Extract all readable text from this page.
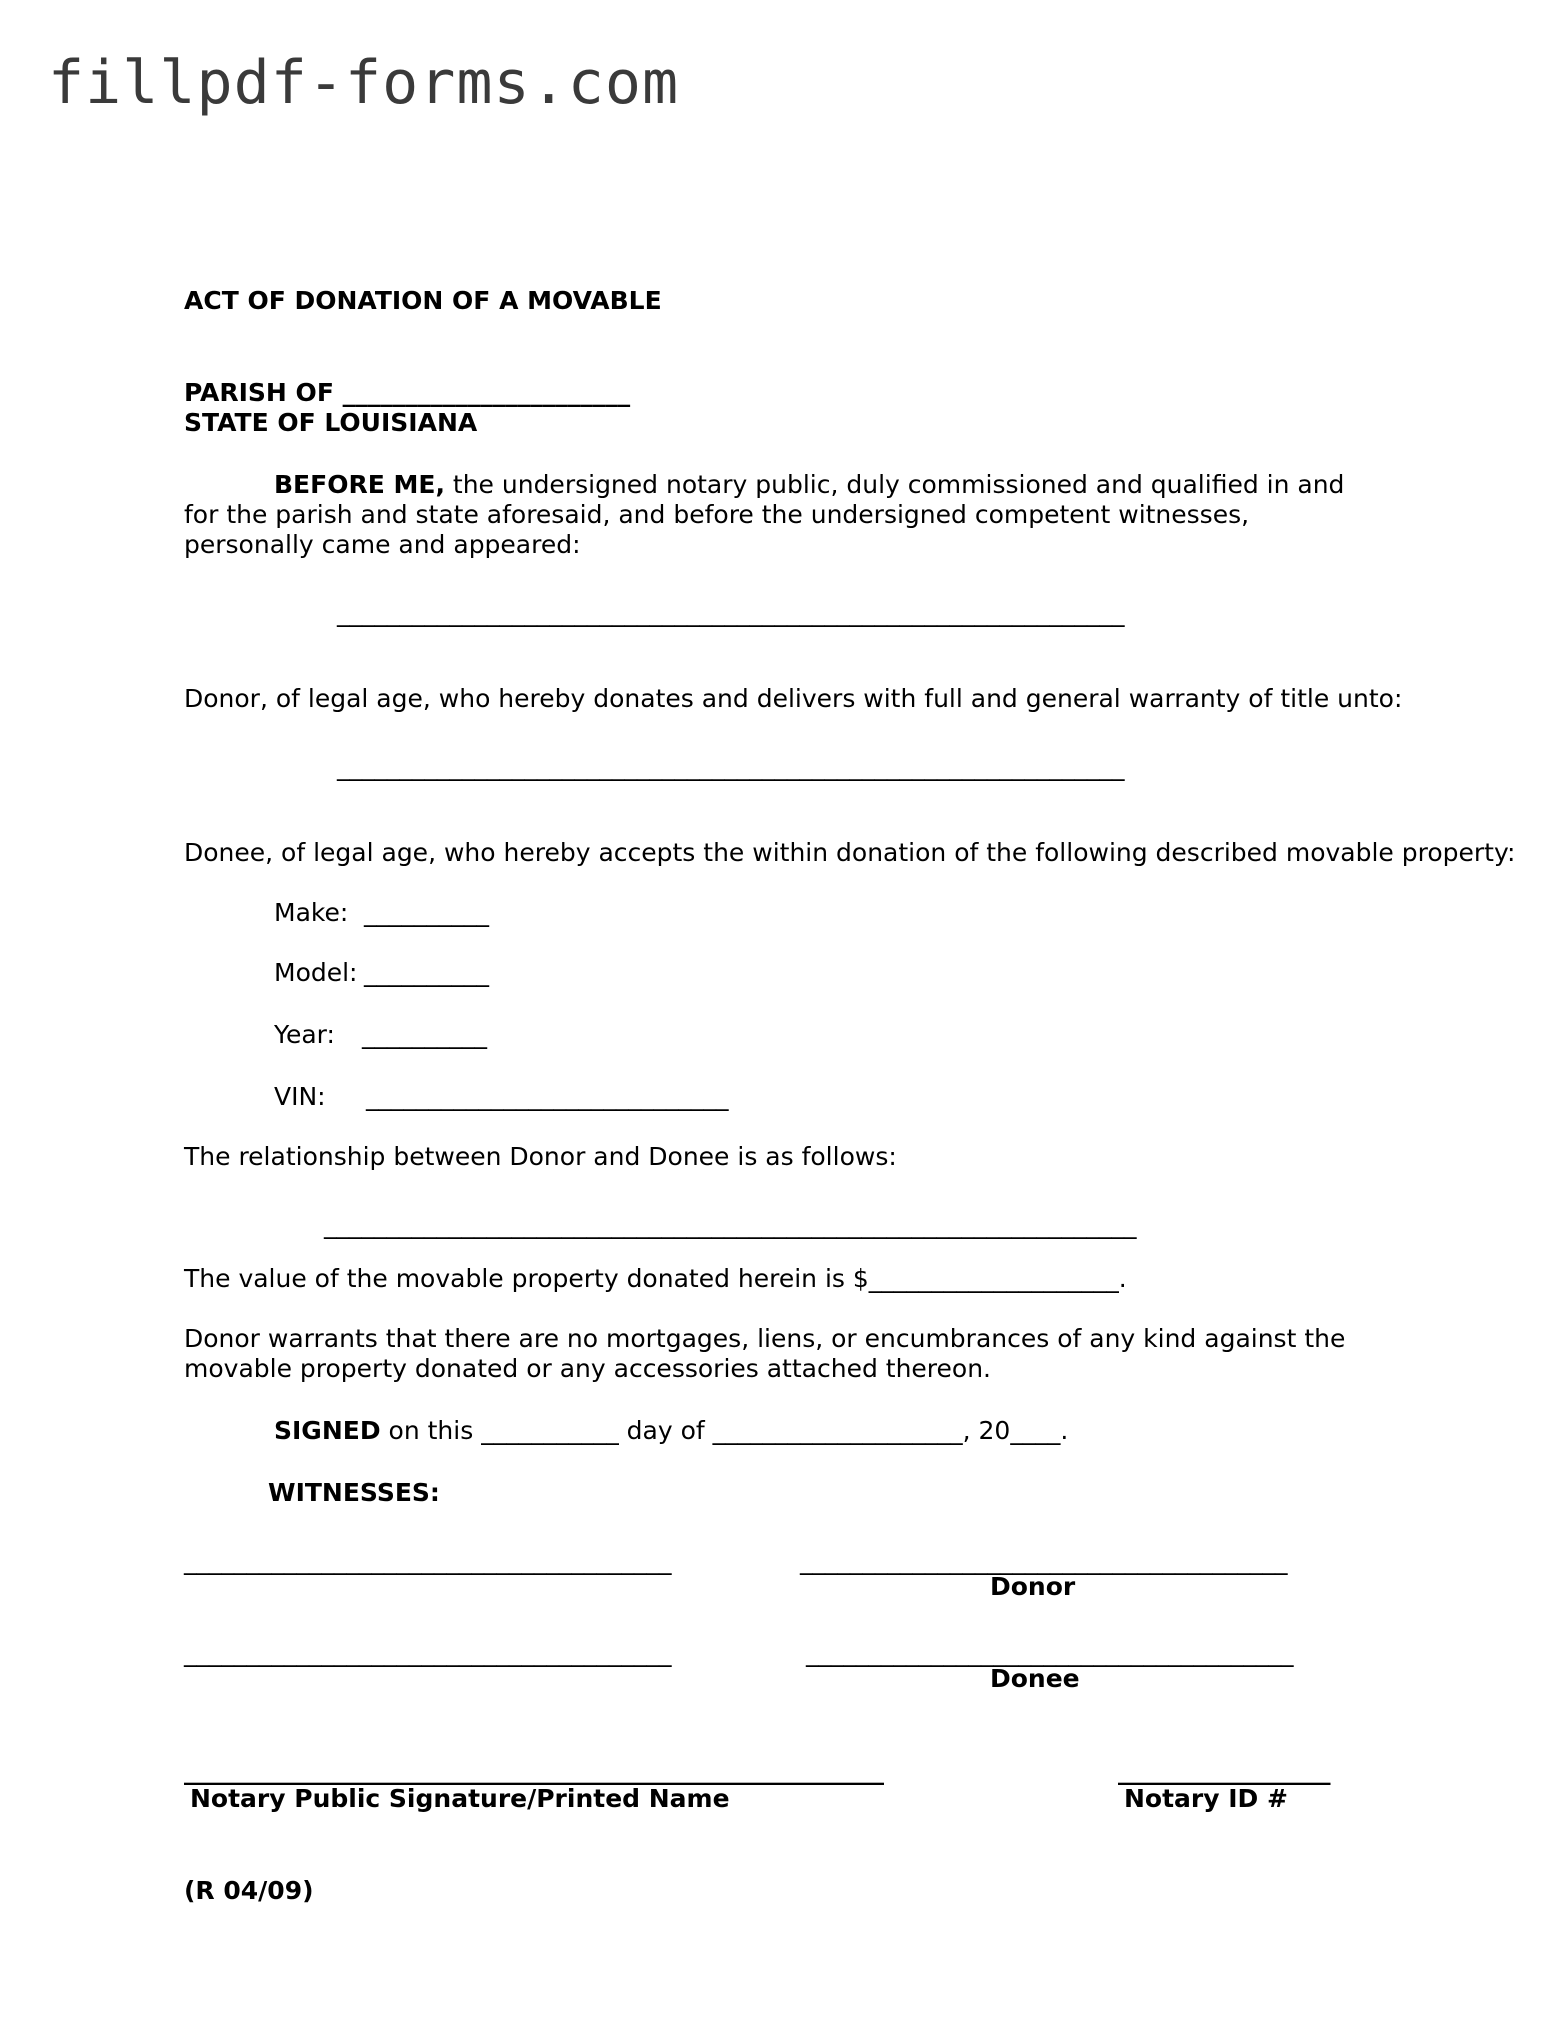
fillpdf-forms.com
ACT OF DONATION OF A MOVABLE
PARISH OF _______________________
STATE OF LOUISIANA
BEFORE ME, the undersigned notary public, duly commissioned and qualified in and for the parish and state aforesaid, and before the undersigned competent witnesses, personally came and appeared:
_______________________________________________________________
Donor, of legal age, who hereby donates and delivers with full and general warranty of title unto:
_______________________________________________________________
Donee, of legal age, who hereby accepts the within donation of the following described movable property:
Make: __________
Model: __________
Year: __________
VIN: _____________________________
The relationship between Donor and Donee is as follows:
_________________________________________________________________
The value of the movable property donated herein is $____________________.
Donor warrants that there are no mortgages, liens, or encumbrances of any kind against the movable property donated or any accessories attached thereon.
SIGNED on this ___________ day of ____________________, 20____.
WITNESSES:
_______________________________________	_______________________________________
Donor
_______________________________________	_______________________________________
Donee
________________________________________________________
Notary Public Signature/Printed Name
_________________
Notary ID #
(R 04/09)
